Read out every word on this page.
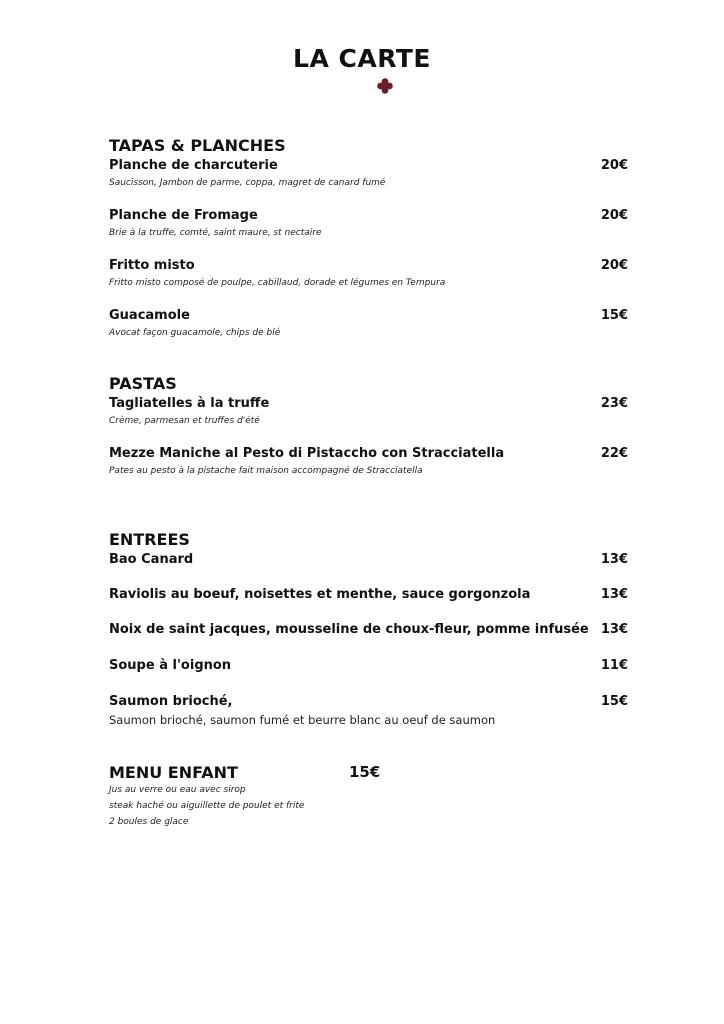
LA CARTE
TAPAS & PLANCHES
Planche de charcuterie	20€
Saucisson, Jambon de parme, coppa, magret de canard fumé
Planche de Fromage	20€
Brie à la truffe, comté, saint maure, st nectaire
Fritto misto	20€
Fritto misto composé de poulpe, cabillaud, dorade et légumes en Tempura
Guacamole	15€
Avocat façon guacamole, chips de blé
PASTAS
Tagliatelles à la truffe	23€
Crème, parmesan et truffes d'été
Mezze Maniche al Pesto di Pistaccho con Stracciatella	22€
Pates au pesto à la pistache fait maison accompagné de Stracciatella
ENTREES
Bao Canard	13€
Raviolis au boeuf, noisettes et menthe, sauce gorgonzola	13€
Noix de saint jacques, mousseline de choux-fleur, pomme infusée 13€
Soupe à l'oignon	11€
Saumon brioché,	15€
Saumon brioché, saumon fumé et beurre blanc au oeuf de saumon
MENU ENFANT	15€
Jus au verre ou eau avec sirop
steak haché ou aiguillette de poulet et frite
2 boules de glace
